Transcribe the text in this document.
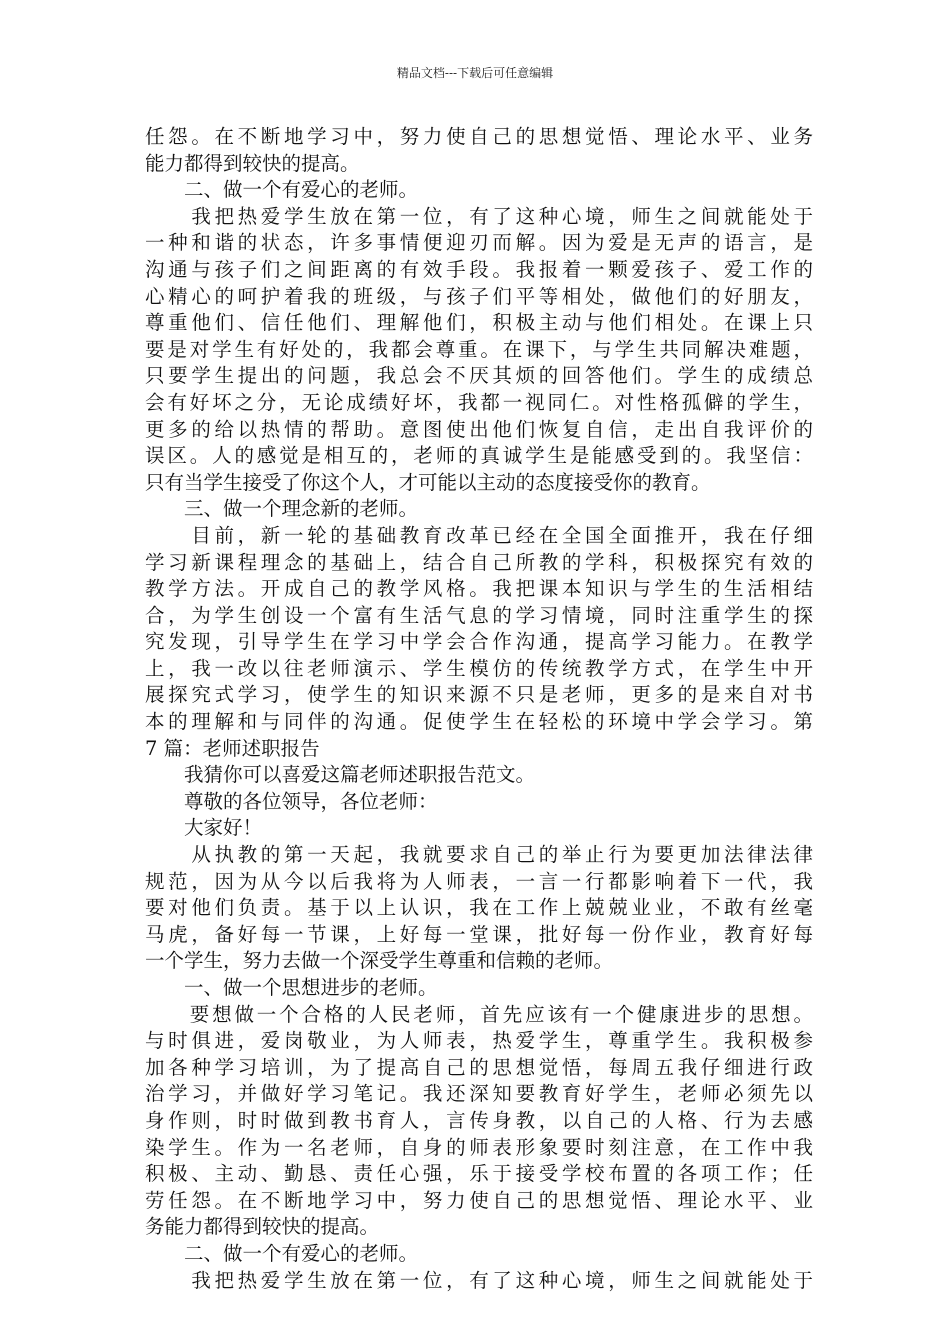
精品文档---下载后可任意编辑
任怨。在不断地学习中，努力使自己的思想觉悟、理论水平、业务
能力都得到较快的提高。
　　二、做一个有爱心的老师。
　　我把热爱学生放在第一位，有了这种心境，师生之间就能处于
一种和谐的状态，许多事情便迎刃而解。因为爱是无声的语言，是
沟通与孩子们之间距离的有效手段。我报着一颗爱孩子、爱工作的
心精心的呵护着我的班级，与孩子们平等相处，做他们的好朋友，
尊重他们、信任他们、理解他们，积极主动与他们相处。在课上只
要是对学生有好处的，我都会尊重。在课下，与学生共同解决难题，
只要学生提出的问题，我总会不厌其烦的回答他们。学生的成绩总
会有好坏之分，无论成绩好坏，我都一视同仁。对性格孤僻的学生，
更多的给以热情的帮助。意图使出他们恢复自信，走出自我评价的
误区。人的感觉是相互的，老师的真诚学生是能感受到的。我坚信：
只有当学生接受了你这个人，才可能以主动的态度接受你的教育。
　　三、做一个理念新的老师。
　　目前，新一轮的基础教育改革已经在全国全面推开，我在仔细
学习新课程理念的基础上，结合自己所教的学科，积极探究有效的
教学方法。开成自己的教学风格。我把课本知识与学生的生活相结
合，为学生创设一个富有生活气息的学习情境，同时注重学生的探
究发现，引导学生在学习中学会合作沟通，提高学习能力。在教学
上，我一改以往老师演示、学生模仿的传统教学方式，在学生中开
展探究式学习，使学生的知识来源不只是老师，更多的是来自对书
本的理解和与同伴的沟通。促使学生在轻松的环境中学会学习。第
7 篇：老师述职报告
　　我猜你可以喜爱这篇老师述职报告范文。
　　尊敬的各位领导，各位老师：
　　大家好！
　　从执教的第一天起，我就要求自己的举止行为要更加法律法律
规范，因为从今以后我将为人师表，一言一行都影响着下一代，我
要对他们负责。基于以上认识，我在工作上兢兢业业，不敢有丝毫
马虎，备好每一节课，上好每一堂课，批好每一份作业，教育好每
一个学生，努力去做一个深受学生尊重和信赖的老师。
　　一、做一个思想进步的老师。
　　要想做一个合格的人民老师，首先应该有一个健康进步的思想。
与时俱进，爱岗敬业，为人师表，热爱学生，尊重学生。我积极参
加各种学习培训，为了提高自己的思想觉悟，每周五我仔细进行政
治学习，并做好学习笔记。我还深知要教育好学生，老师必须先以
身作则，时时做到教书育人，言传身教，以自己的人格、行为去感
染学生。作为一名老师，自身的师表形象要时刻注意，在工作中我
积极、主动、勤恳、责任心强，乐于接受学校布置的各项工作；任
劳任怨。在不断地学习中，努力使自己的思想觉悟、理论水平、业
务能力都得到较快的提高。
　　二、做一个有爱心的老师。
　　我把热爱学生放在第一位，有了这种心境，师生之间就能处于
